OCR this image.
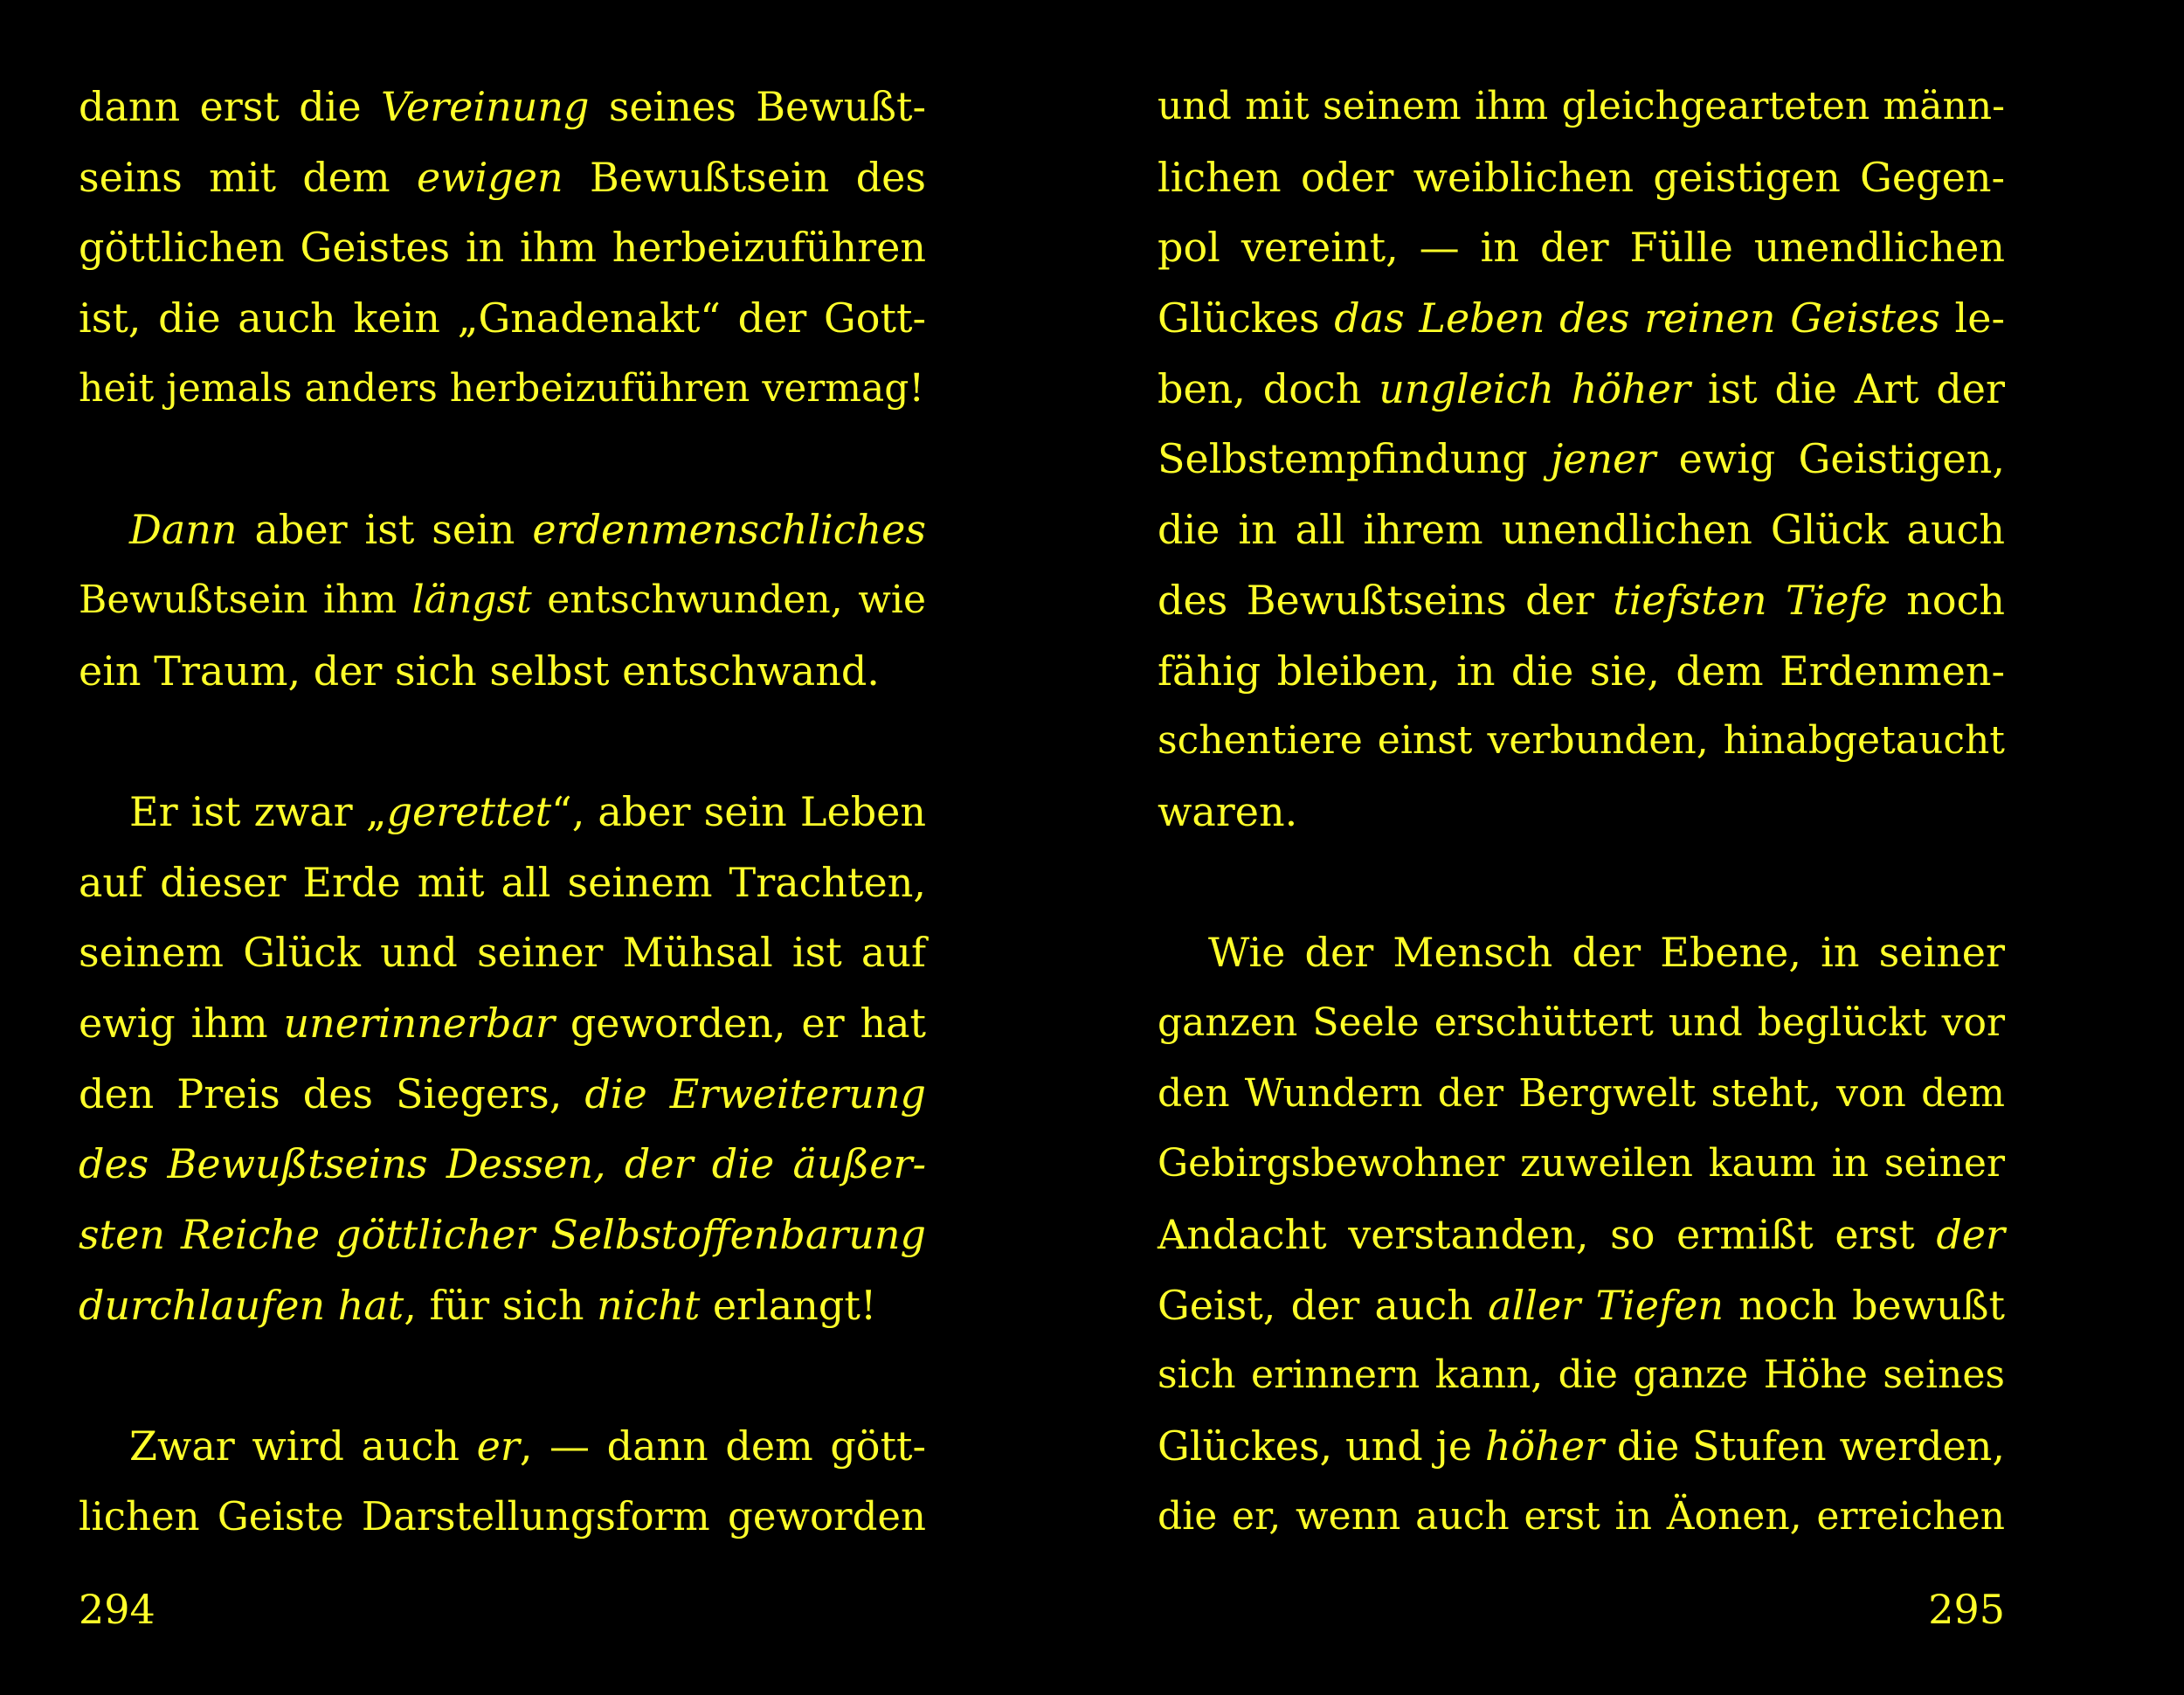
dann erst die Vereinung seines Bewußt-
seins mit dem ewigen Bewußtsein des
göttlichen Geistes in ihm herbeizuführen
ist, die auch kein „Gnadenakt“ der Gott-
heit jemals anders herbeizuführen vermag!
Dann aber ist sein erdenmenschliches
Bewußtsein ihm längst entschwunden, wie
ein Traum, der sich selbst entschwand.
Er ist zwar „gerettet“, aber sein Leben
auf dieser Erde mit all seinem Trachten,
seinem Glück und seiner Mühsal ist auf
ewig ihm unerinnerbar geworden, er hat
den Preis des Siegers, die Erweiterung
des Bewußtseins Dessen, der die äußer-
sten Reiche göttlicher Selbstoffenbarung
durchlaufen hat, für sich nicht erlangt!
Zwar wird auch er, — dann dem gött-
lichen Geiste Darstellungsform geworden
294
und mit seinem ihm gleichgearteten männ-
lichen oder weiblichen geistigen Gegen-
pol vereint, — in der Fülle unendlichen
Glückes das Leben des reinen Geistes le-
ben, doch ungleich höher ist die Art der
Selbstempfindung jener ewig Geistigen,
die in all ihrem unendlichen Glück auch
des Bewußtseins der tiefsten Tiefe noch
fähig bleiben, in die sie, dem Erdenmen-
schentiere einst verbunden, hinabgetaucht
waren.
Wie der Mensch der Ebene, in seiner
ganzen Seele erschüttert und beglückt vor
den Wundern der Bergwelt steht, von dem
Gebirgsbewohner zuweilen kaum in seiner
Andacht verstanden, so ermißt erst der
Geist, der auch aller Tiefen noch bewußt
sich erinnern kann, die ganze Höhe seines
Glückes, und je höher die Stufen werden,
die er, wenn auch erst in Äonen, erreichen
295
